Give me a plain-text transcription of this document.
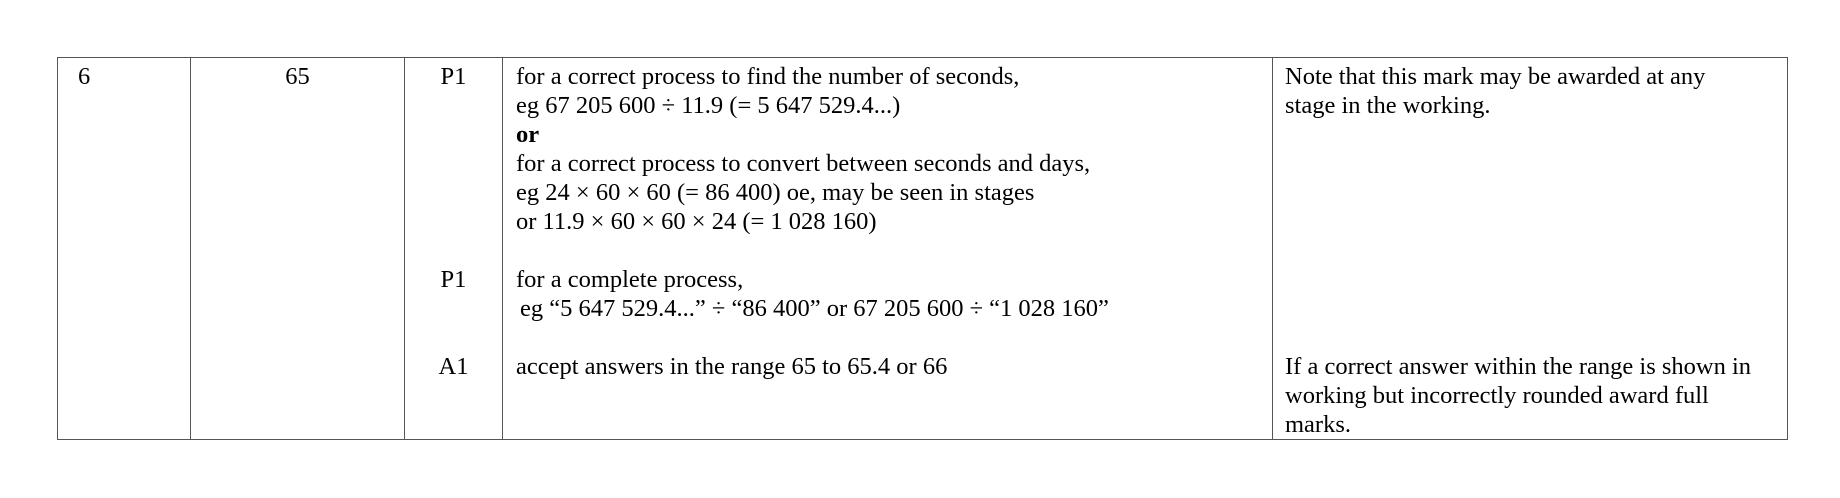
6	65	P1
P1
A1
for a correct process to find the number of seconds,
eg 67 205 600 ÷ 11.9 (= 5 647 529.4...)
or
for a correct process to convert between seconds and days,
eg 24 × 60 × 60 (= 86 400) oe, may be seen in stages
or 11.9 × 60 × 60 × 24 (= 1 028 160)
for a complete process,
eg “5 647 529.4...” ÷ “86 400” or 67 205 600 ÷ “1 028 160”
accept answers in the range 65 to 65.4 or 66
Note that this mark may be awarded at any
stage in the working.
If a correct answer within the range is shown in
working but incorrectly rounded award full
marks.
